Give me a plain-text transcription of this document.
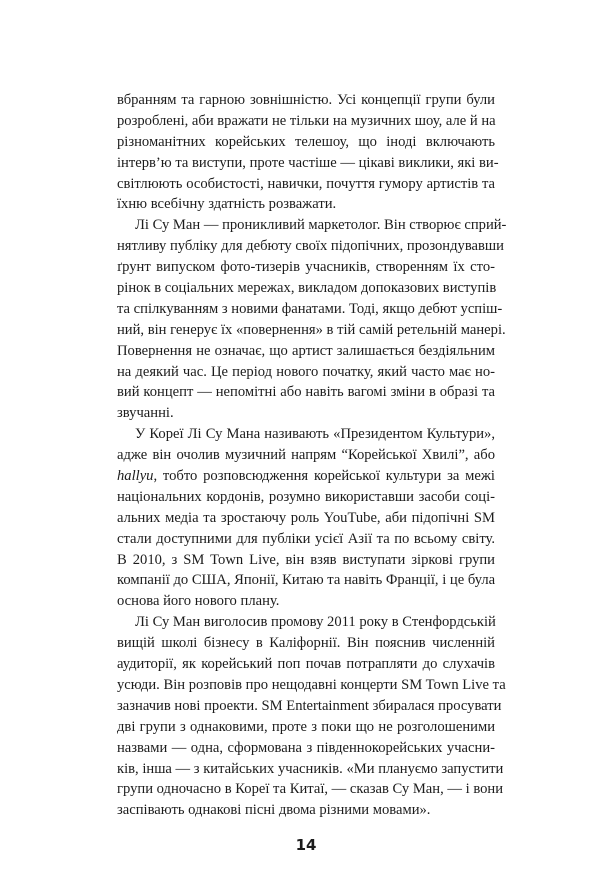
вбранням та гарною зовнішністю. Усі концепції групи були
розроблені, аби вражати не тільки на музичних шоу, але й на
різноманітних корейських телешоу, що іноді включають
інтерв’ю та виступи, проте частіше — цікаві виклики, які ви-
світлюють особистості, навички, почуття гумору артистів та
їхню всебічну здатність розважати.
Лі Су Ман — проникливий маркетолог. Він створює сприй-
нятливу публіку для дебюту своїх підопічних, прозондувавши
ґрунт випуском фото-тизерів учасників, створенням їх сто-
рінок в соціальних мережах, викладом допоказових виступів
та спілкуванням з новими фанатами. Тоді, якщо дебют успіш-
ний, він генерує їх «повернення» в тій самій ретельній манері.
Повернення не означає, що артист залишається бездіяльним
на деякий час. Це період нового початку, який часто має но-
вий концепт — непомітні або навіть вагомі зміни в образі та
звучанні.
У Кореї Лі Су Мана називають «Президентом Культури»,
адже він очолив музичний напрям “Корейської Хвилі”, або
hallyu, тобто розповсюдження корейської культури за межі
національних кордонів, розумно використавши засоби соці-
альних медіа та зростаючу роль YouTube, аби підопічні SM
стали доступними для публіки усієї Азії та по всьому світу.
В 2010, з SM Town Live, він взяв виступати зіркові групи
компанії до США, Японії, Китаю та навіть Франції, і це була
основа його нового плану.
Лі Су Ман виголосив промову 2011 року в Стенфордській
вищій школі бізнесу в Каліфорнії. Він пояснив численній
аудиторії, як корейський поп почав потрапляти до слухачів
усюди. Він розповів про нещодавні концерти SM Town Live та
зазначив нові проекти. SM Entertainment збиралася просувати
дві групи з однаковими, проте з поки що не розголошеними
назвами — одна, сформована з південнокорейських учасни-
ків, інша — з китайських учасників. «Ми плануємо запустити
групи одночасно в Кореї та Китаї, — сказав Су Ман, — і вони
заспівають однакові пісні двома різними мовами».
14
